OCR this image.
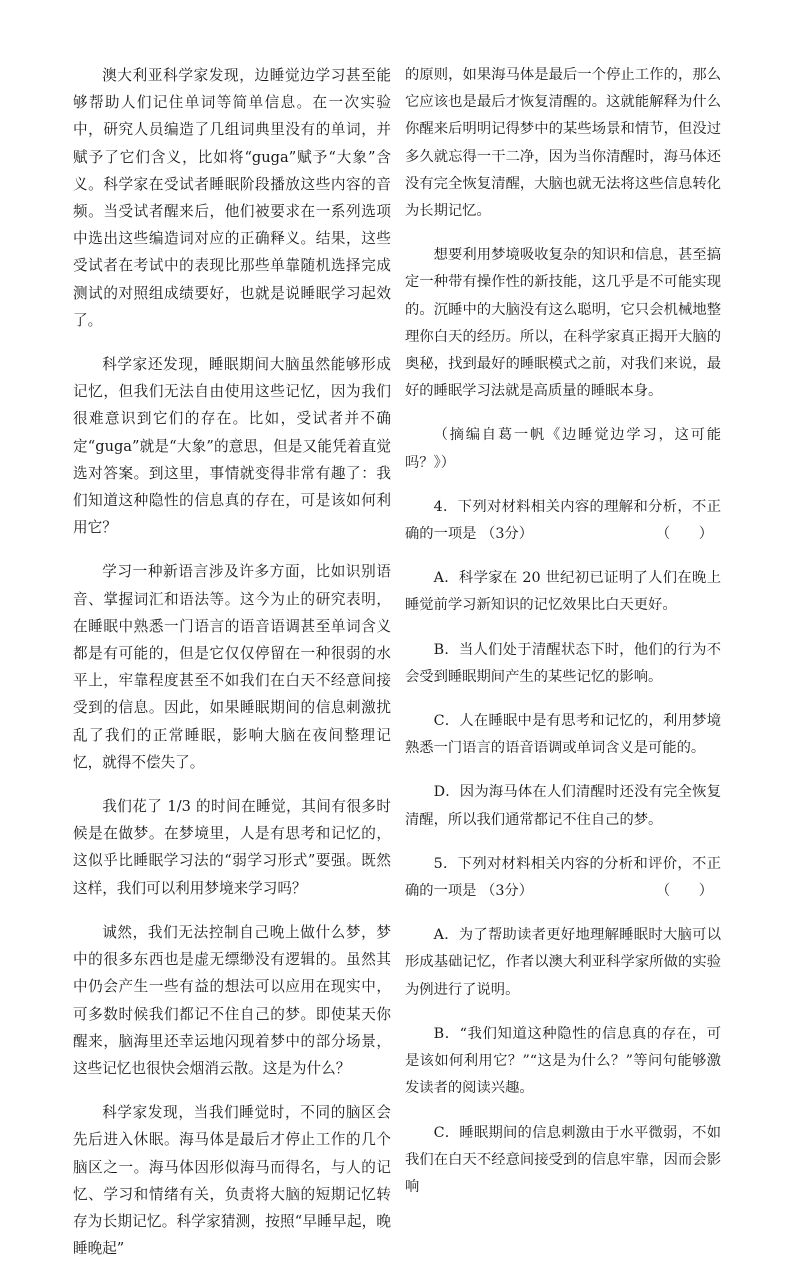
澳大利亚科学家发现，边睡觉边学习甚至能够帮助人们记住单词等简单信息。在一次实验中，研究人员编造了几组词典里没有的单词，并赋予了它们含义，比如将“guga”赋予“大象”含义。科学家在受试者睡眠阶段播放这些内容的音频。当受试者醒来后，他们被要求在一系列选项中选出这些编造词对应的正确释义。结果，这些受试者在考试中的表现比那些单靠随机选择完成测试的对照组成绩要好，也就是说睡眠学习起效了。

科学家还发现，睡眠期间大脑虽然能够形成记忆，但我们无法自由使用这些记忆，因为我们很难意识到它们的存在。比如，受试者并不确定“guga”就是“大象”的意思，但是又能凭着直觉选对答案。到这里，事情就变得非常有趣了：我们知道这种隐性的信息真的存在，可是该如何利用它？

学习一种新语言涉及许多方面，比如识别语音、掌握词汇和语法等。这今为止的研究表明，在睡眠中熟悉一门语言的语音语调甚至单词含义都是有可能的，但是它仅仅停留在一种很弱的水平上，牢靠程度甚至不如我们在白天不经意间接受到的信息。因此，如果睡眠期间的信息刺激扰乱了我们的正常睡眠，影响大脑在夜间整理记忆，就得不偿失了。

我们花了 1/3 的时间在睡觉，其间有很多时候是在做梦。在梦境里，人是有思考和记忆的，这似乎比睡眠学习法的“弱学习形式”要强。既然这样，我们可以利用梦境来学习吗？

诚然，我们无法控制自己晚上做什么梦，梦中的很多东西也是虚无缥缈没有逻辑的。虽然其中仍会产生一些有益的想法可以应用在现实中，可多数时候我们都记不住自己的梦。即使某天你醒来，脑海里还幸运地闪现着梦中的部分场景，这些记忆也很快会烟消云散。这是为什么？

科学家发现，当我们睡觉时，不同的脑区会先后进入休眠。海马体是最后才停止工作的几个脑区之一。海马体因形似海马而得名，与人的记忆、学习和情绪有关，负责将大脑的短期记忆转存为长期记忆。科学家猜测，按照“早睡早起，晚睡晚起”

的原则，如果海马体是最后一个停止工作的，那么它应该也是最后才恢复清醒的。这就能解释为什么你醒来后明明记得梦中的某些场景和情节，但没过多久就忘得一干二净，因为当你清醒时，海马体还没有完全恢复清醒，大脑也就无法将这些信息转化为长期记忆。

想要利用梦境吸收复杂的知识和信息，甚至搞定一种带有操作性的新技能，这几乎是不可能实现的。沉睡中的大脑没有这么聪明，它只会机械地整理你白天的经历。所以，在科学家真正揭开大脑的奥秘，找到最好的睡眠模式之前，对我们来说，最好的睡眠学习法就是高质量的睡眠本身。

（摘编自葛一帆《边睡觉边学习，这可能吗？》）

4．下列对材料相关内容的理解和分析，不正确的一项是 （3分）	（　　）

A．科学家在 20 世纪初已证明了人们在晚上睡觉前学习新知识的记忆效果比白天更好。

B．当人们处于清醒状态下时，他们的行为不会受到睡眠期间产生的某些记忆的影响。

C．人在睡眠中是有思考和记忆的，利用梦境熟悉一门语言的语音语调或单词含义是可能的。

D．因为海马体在人们清醒时还没有完全恢复清醒，所以我们通常都记不住自己的梦。

5．下列对材料相关内容的分析和评价，不正确的一项是 （3分）	（　　）

A．为了帮助读者更好地理解睡眠时大脑可以形成基础记忆，作者以澳大利亚科学家所做的实验为例进行了说明。

B．“我们知道这种隐性的信息真的存在，可是该如何利用它？”“这是为什么？”等问句能够激发读者的阅读兴趣。

C．睡眠期间的信息刺激由于水平微弱，不如我们在白天不经意间接受到的信息牢靠，因而会影响
